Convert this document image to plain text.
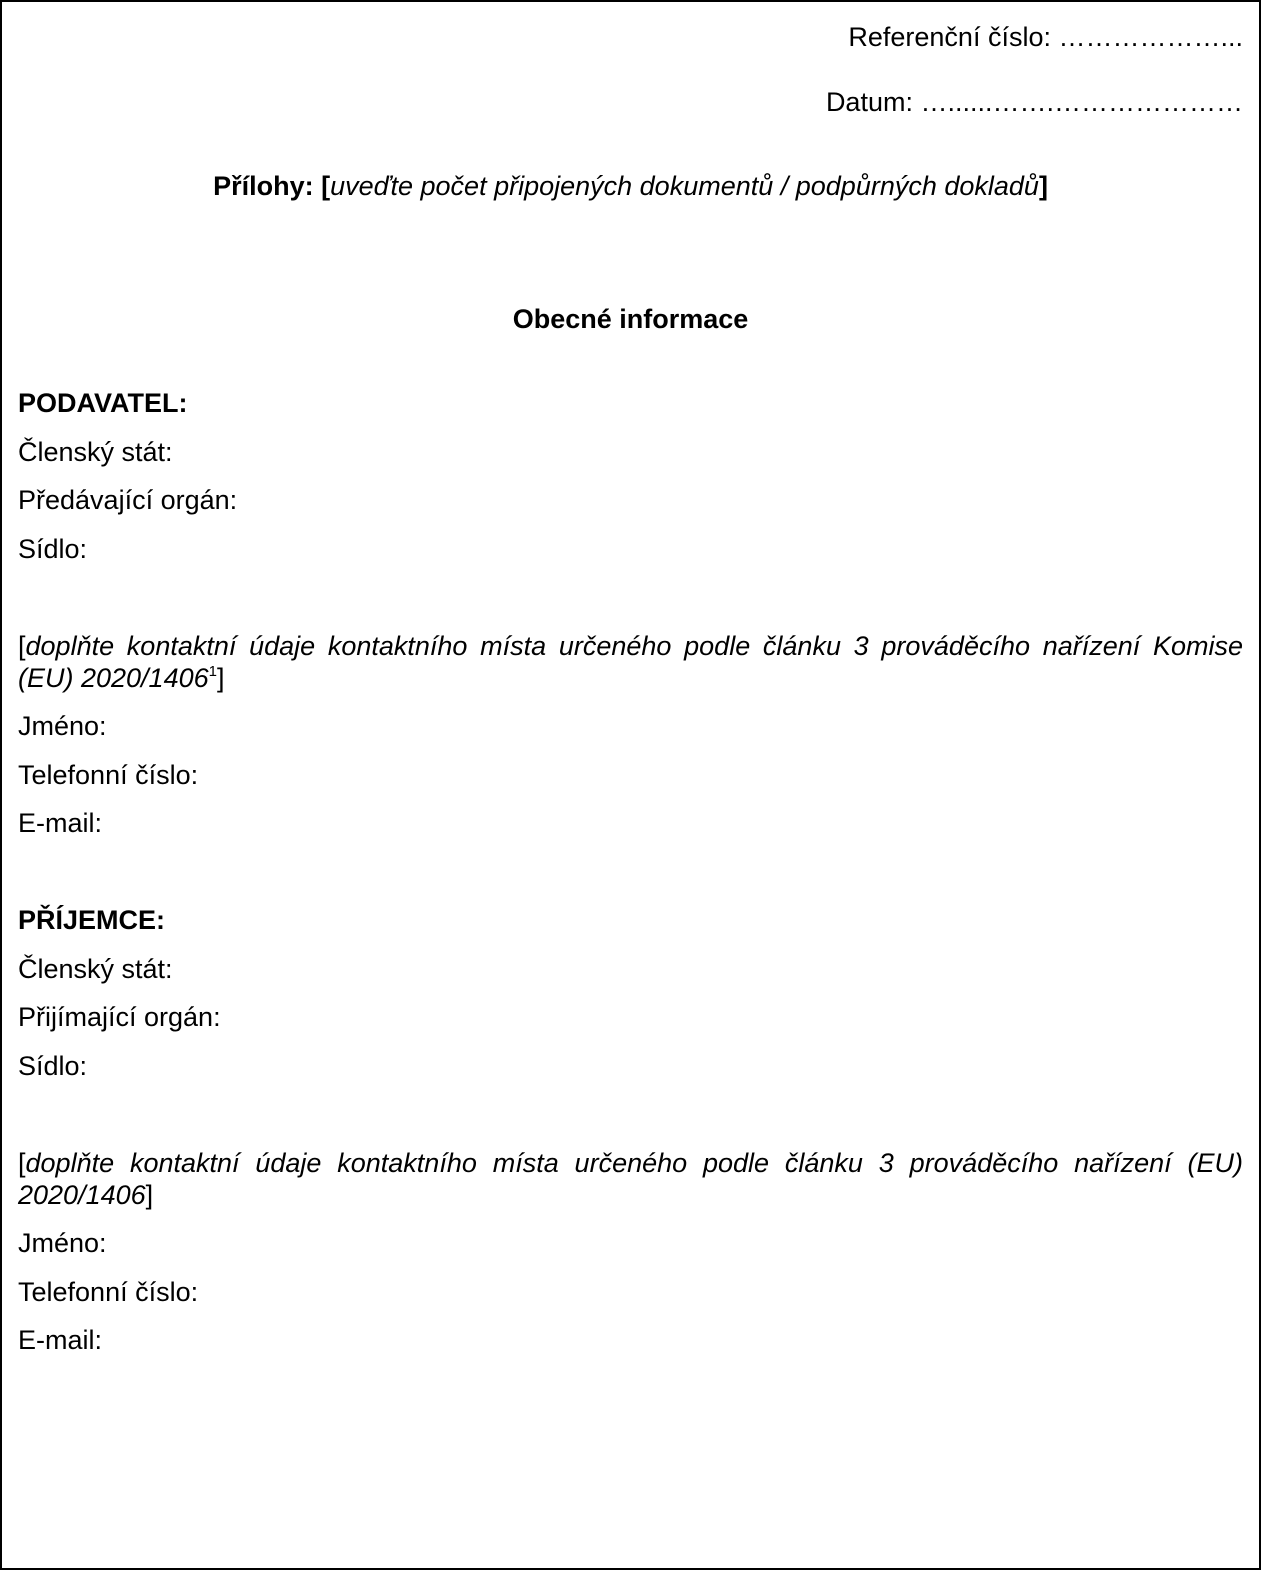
Referenční číslo: ………………...
Datum: …......…….…………………
Přílohy: [uveďte počet připojených dokumentů / podpůrných dokladů]
Obecné informace
PODAVATEL:
Členský stát:
Předávající orgán:
Sídlo:
[doplňte kontaktní údaje kontaktního místa určeného podle článku 3 prováděcího nařízení Komise (EU) 2020/1406$^1$]
Jméno:
Telefonní číslo:
E-mail:
PŘÍJEMCE:
Členský stát:
Přijímající orgán:
Sídlo:
[doplňte kontaktní údaje kontaktního místa určeného podle článku 3 prováděcího nařízení (EU) 2020/1406]
Jméno:
Telefonní číslo:
E-mail:
